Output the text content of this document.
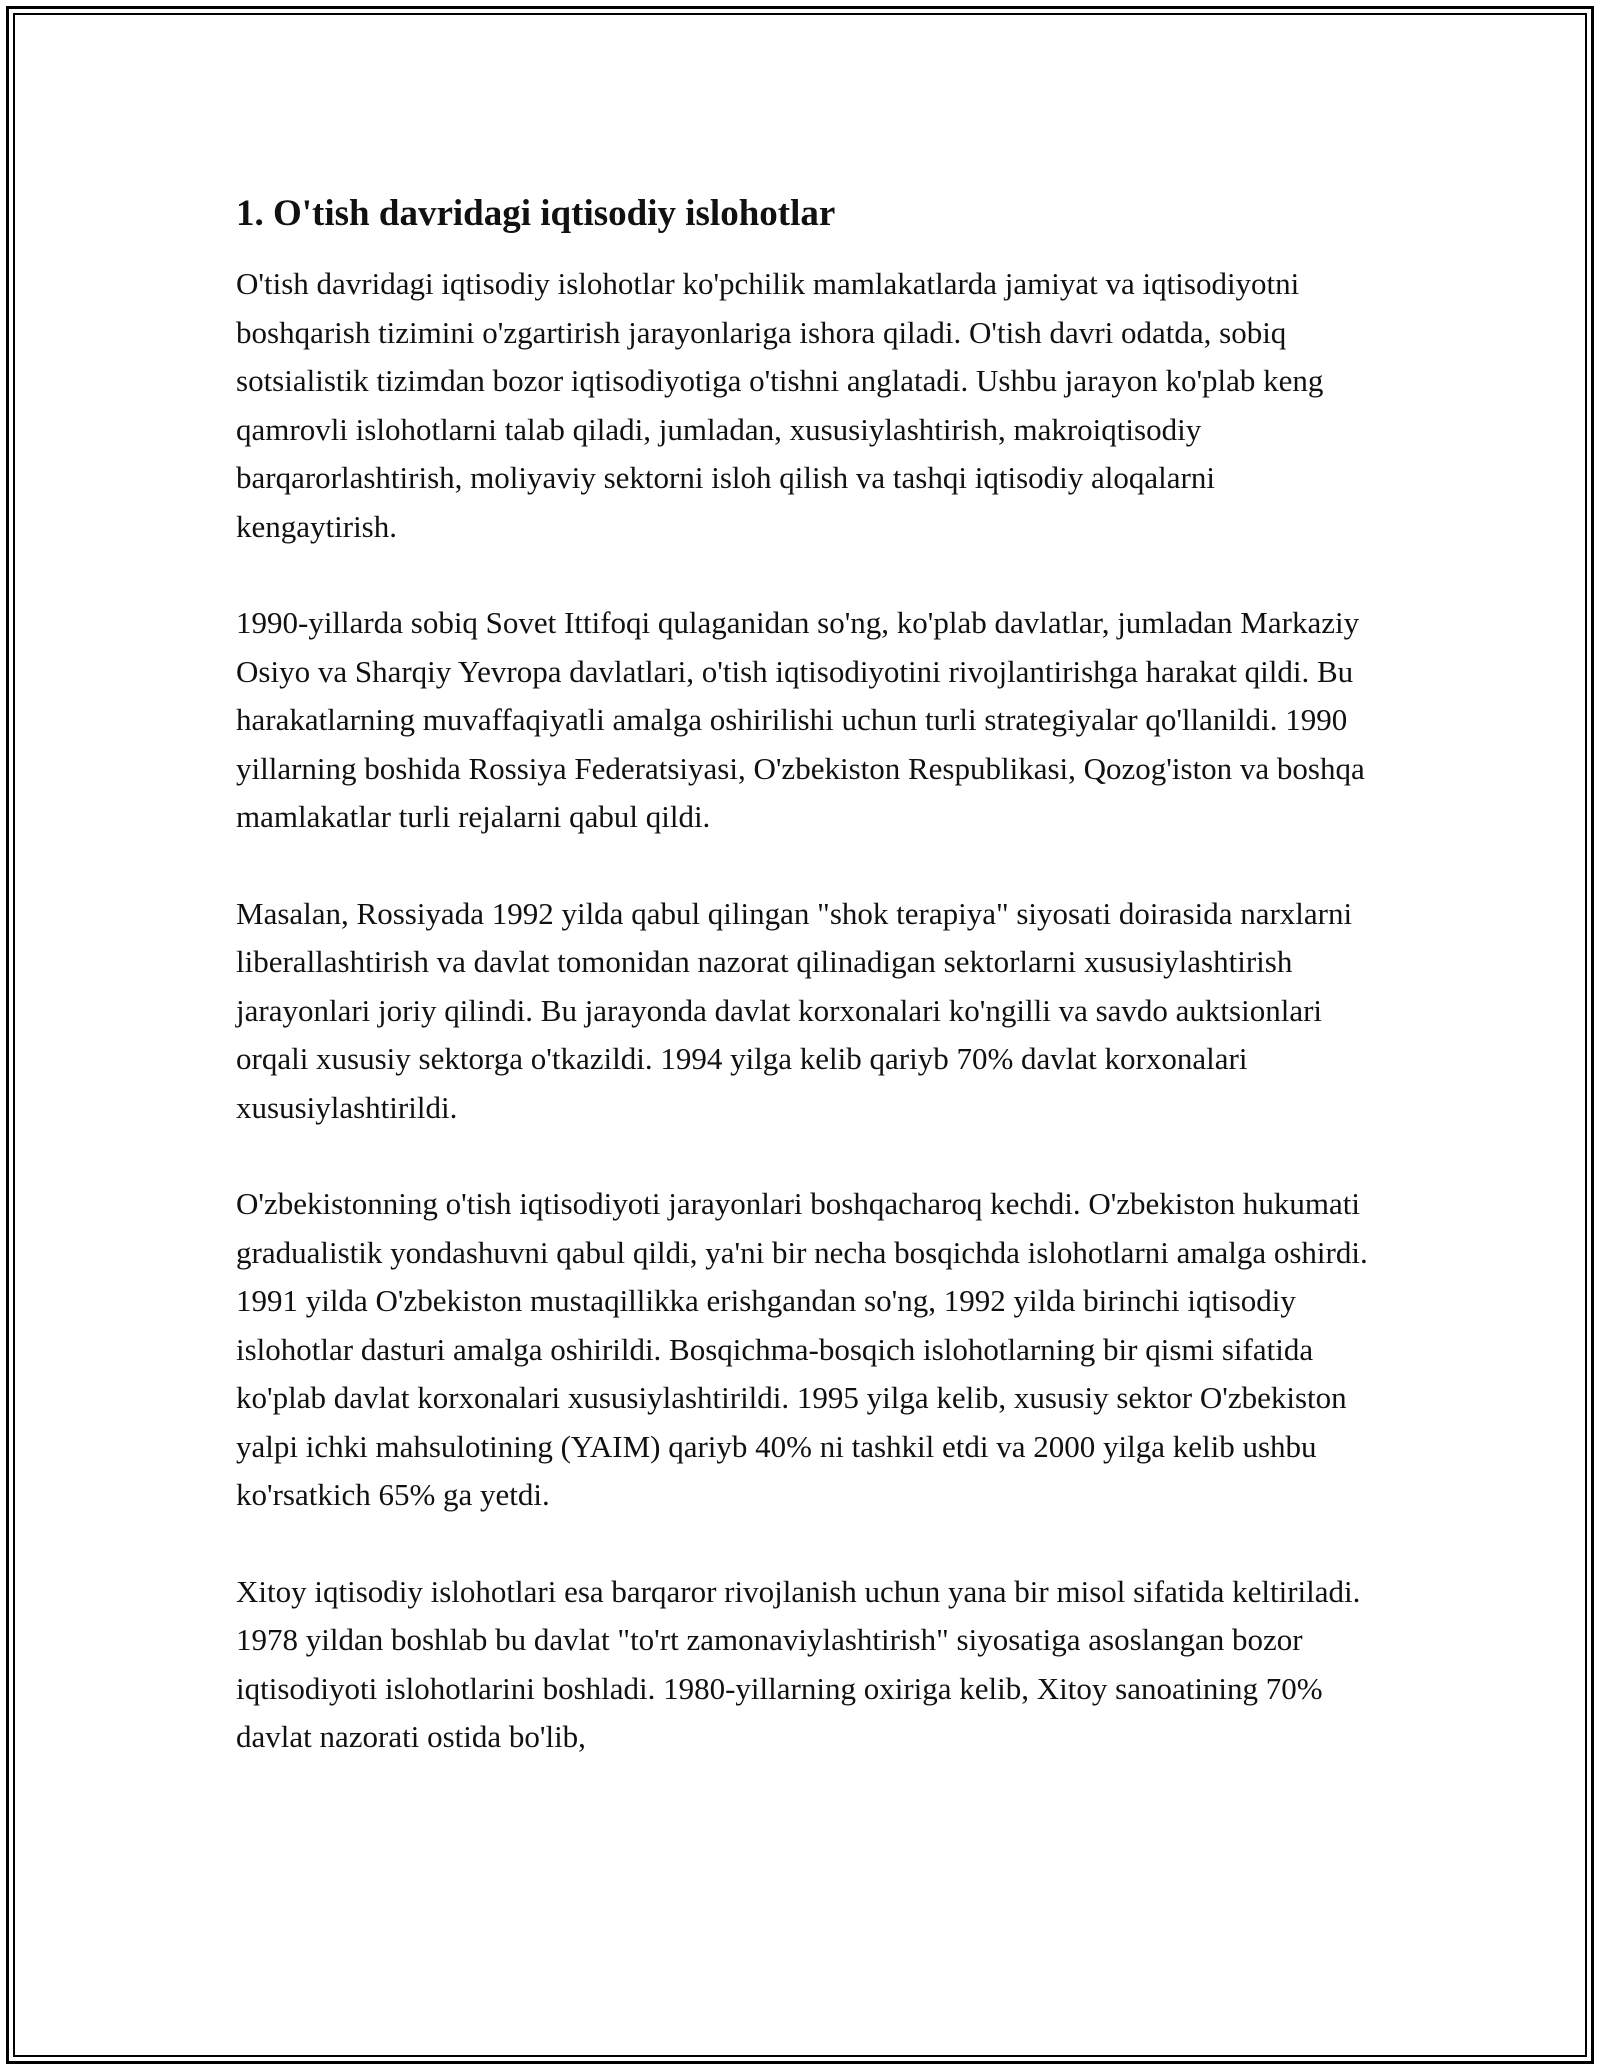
1. O'tish davridagi iqtisodiy islohotlar

O'tish davridagi iqtisodiy islohotlar ko'pchilik mamlakatlarda jamiyat va iqtisodiyotni boshqarish tizimini o'zgartirish jarayonlariga ishora qiladi. O'tish davri odatda, sobiq sotsialistik tizimdan bozor iqtisodiyotiga o'tishni anglatadi. Ushbu jarayon ko'plab keng qamrovli islohotlarni talab qiladi, jumladan, xususiylashtirish, makroiqtisodiy barqarorlashtirish, moliyaviy sektorni isloh qilish va tashqi iqtisodiy aloqalarni kengaytirish.

1990-yillarda sobiq Sovet Ittifoqi qulaganidan so'ng, ko'plab davlatlar, jumladan Markaziy Osiyo va Sharqiy Yevropa davlatlari, o'tish iqtisodiyotini rivojlantirishga harakat qildi. Bu harakatlarning muvaffaqiyatli amalga oshirilishi uchun turli strategiyalar qo'llanildi. 1990 yillarning boshida Rossiya Federatsiyasi, O'zbekiston Respublikasi, Qozog'iston va boshqa mamlakatlar turli rejalarni qabul qildi.

Masalan, Rossiyada 1992 yilda qabul qilingan "shok terapiya" siyosati doirasida narxlarni liberallashtirish va davlat tomonidan nazorat qilinadigan sektorlarni xususiylashtirish jarayonlari joriy qilindi. Bu jarayonda davlat korxonalari ko'ngilli va savdo auktsionlari orqali xususiy sektorga o'tkazildi. 1994 yilga kelib qariyb 70% davlat korxonalari xususiylashtirildi.

O'zbekistonning o'tish iqtisodiyoti jarayonlari boshqacharoq kechdi. O'zbekiston hukumati gradualistik yondashuvni qabul qildi, ya'ni bir necha bosqichda islohotlarni amalga oshirdi. 1991 yilda O'zbekiston mustaqillikka erishgandan so'ng, 1992 yilda birinchi iqtisodiy islohotlar dasturi amalga oshirildi. Bosqichma-bosqich islohotlarning bir qismi sifatida ko'plab davlat korxonalari xususiylashtirildi. 1995 yilga kelib, xususiy sektor O'zbekiston yalpi ichki mahsulotining (YAIM) qariyb 40% ni tashkil etdi va 2000 yilga kelib ushbu ko'rsatkich 65% ga yetdi.

Xitoy iqtisodiy islohotlari esa barqaror rivojlanish uchun yana bir misol sifatida keltiriladi. 1978 yildan boshlab bu davlat "to'rt zamonaviylashtirish" siyosatiga asoslangan bozor iqtisodiyoti islohotlarini boshladi. 1980-yillarning oxiriga kelib, Xitoy sanoatining 70% davlat nazorati ostida bo'lib,
